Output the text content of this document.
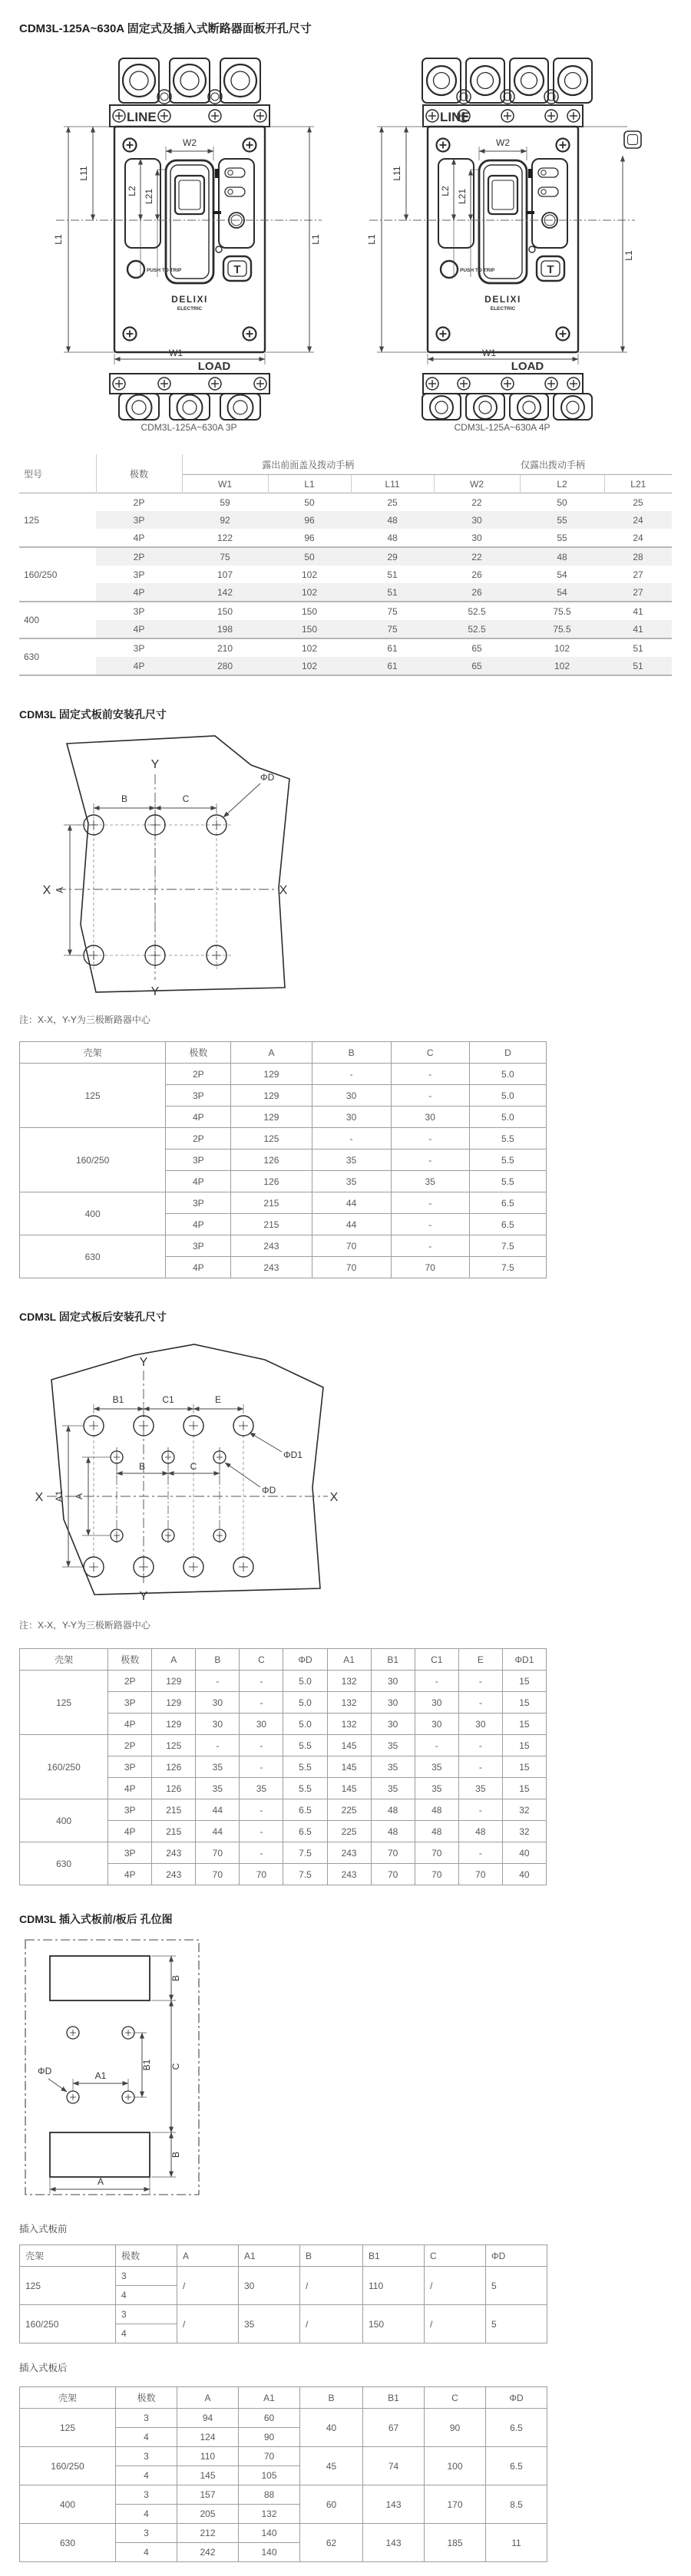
CDM3L-125A~630A 固定式及插入式断路器面板开孔尺寸
LINE
LOAD
DELIXI
ELECTRIC
PUSH TO TRIP	T
W2
W1
L1
L11
L1
L2 L21
CDM3L-125A~630A 3P
LINE
LOAD
DELIXI
ELECTRIC
PUSH TO TRIP	T
W2
W1
L1
L11
L1
L2 L21
CDM3L-125A~630A 4P
型号	极数	露出前面盖及拨动手柄			仅露出拨动手柄		
		W1	L1	L11	W2	L2	L21
125	2P	59	50	25	22	50	25
	3P	92	96	48	30	55	24
	4P	122	96	48	30	55	24
160/250	2P	75	50	29	22	48	28
	3P	107	102	51	26	54	27
	4P	142	102	51	26	54	27
400	3P	150	150	75	52.5	75.5	41
	4P	198	150	75	52.5	75.5	41
630	3P	210	102	61	65	102	51
	4P	280	102	61	65	102	51
CDM3L 固定式板前安装孔尺寸
Y
Y
B	C
ΦD
X	X
A
注：X-X，Y-Y为三极断路器中心
壳架	极数	A	B	C	D
125	2P	129	-	-	5.0
	3P	129	30	-	5.0
	4P	129	30	30	5.0
160/250	2P	125	-	-	5.5
	3P	126	35	-	5.5
	4P	126	35	35	5.5
400	3P	215	44	-	6.5
	4P	215	44	-	6.5
630	3P	243	70	-	7.5
	4P	243	70	70	7.5
CDM3L 固定式板后安装孔尺寸
Y
Y
B1	C1	E
ΦD1
B	C
ΦD
X	X
A
A1
注：X-X，Y-Y为三极断路器中心
壳架	极数	A	B	C	ΦD	A1	B1	C1	E	ΦD1
125	2P	129	-	-	5.0	132	30	-	-	15
	3P	129	30	-	5.0	132	30	30	-	15
	4P	129	30	30	5.0	132	30	30	30	15
160/250	2P	125	-	-	5.5	145	35	-	-	15
	3P	126	35	-	5.5	145	35	35	-	15
	4P	126	35	35	5.5	145	35	35	35	15
400	3P	215	44	-	6.5	225	48	48	-	32
	4P	215	44	-	6.5	225	48	48	48	32
630	3P	243	70	-	7.5	243	70	70	-	40
	4P	243	70	70	7.5	243	70	70	70	40
CDM3L 插入式板前/板后 孔位图
B
C
B
A1
B1
ΦD
A
插入式板前
壳架	极数	A	A1	B	B1	C	ΦD
125	3	/	30	/	110	/	5
	4						
160/250	3	/	35	/	150	/	5
	4						
插入式板后
壳架	极数	A	A1	B	B1	C	ΦD
125	3	94	60	40	67	90	6.5
	4	124	90				
160/250	3	110	70	45	74	100	6.5
	4	145	105				
400	3	157	88	60	143	170	8.5
	4	205	132				
630	3	212	140	62	143	185	11
	4	242	140				
